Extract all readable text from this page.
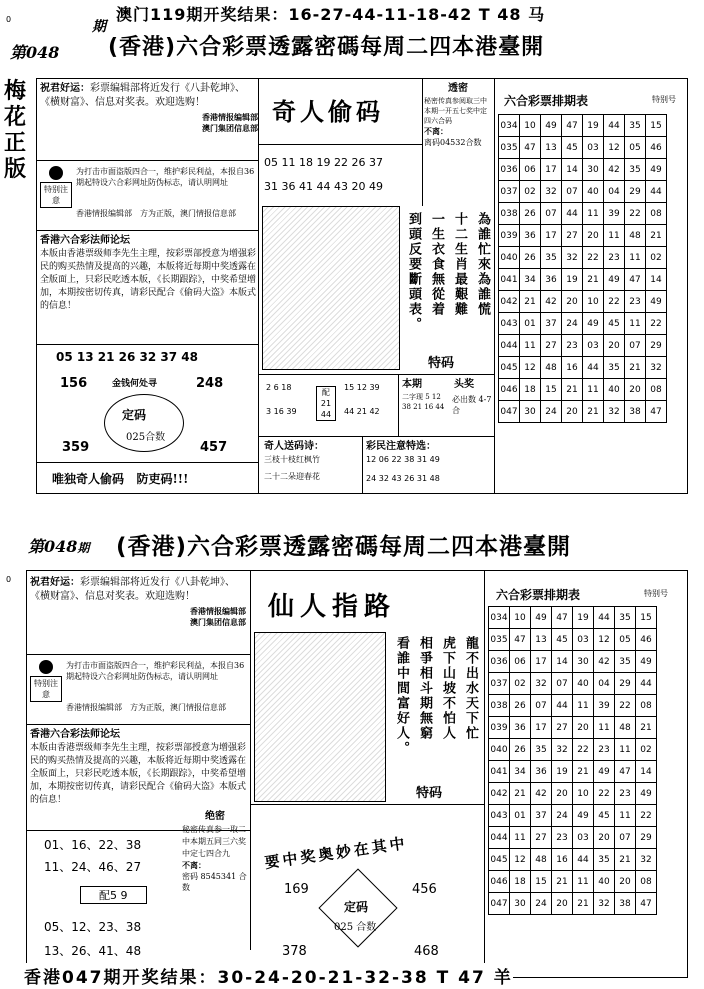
0	澳门119期开奖结果：16-27-44-11-18-42 T 48 马
第048
期
(香港)六合彩票透露密碼每周二四本港臺開
梅花正版
祝君好运：彩票编辑部将近发行《八卦乾坤》、《横财富》、信息对奖表。欢迎选购！
香港情报编辑部
澳门集团信息部
特别注意
为打击市面盗版四合一，维护彩民利益，本报自36期起特设六合彩网址防伪标志，请认明网址
香港情报编辑部　 方为正版，澳门情报信息部
香港六合彩法师论坛
本版由香港票级师李先生主理，按彩票部授意为增强彩民的购买热情及提高的兴趣，本版将近每期中奖透露在全版面上，只彩民吃透本版，《长期跟踪》，中奖希望增加，本期按密切传真，请彩民配合《偷码大盗》本版式的信息！
05 13 21 26 32 37 48
156	248
金钱何处寻
定码
025合数
359	457
唯独奇人偷码   防吏码!!!
奇人偷码
05 11 18 19 22 26 37
31 36 41 44 43 20 49
為誰忙來為誰慌
十二生肖最艱難
一生衣食無從着
到頭反要斷頭表。
特码
透密
秘密传真参阅取三中本期一开五七奖中定四六合码
不离：
离码04532合数
2 6 18
3 16 39
配 21 44
15 12 39
44 21 42
本期
二字现 5 12 38 21 16 44
头奖
必出数 4-7合
奇人送码诗：
三枝十枝红枫竹
二十二朵迎春花
彩民注意特选：
12 06 22 38 31 49
24 32 43 26 31 48
六合彩票排期表	特别号
034	10	49	47	19	44	35	15
035	47	13	45	03	12	05	46
036	06	17	14	30	42	35	49
037	02	32	07	40	04	29	44
038	26	07	44	11	39	22	08
039	36	17	27	20	11	48	21
040	26	35	32	22	23	11	02
041	34	36	19	21	49	47	14
042	21	42	20	10	22	23	49
043	01	37	24	49	45	11	22
044	11	27	23	03	20	07	29
045	12	48	16	44	35	21	32
046	18	15	21	11	40	20	08
047	30	24	20	21	32	38	47
0
第048期 (香港)六合彩票透露密碼每周二四本港臺開
祝君好运：彩票编辑部将近发行《八卦乾坤》、《横财富》、信息对奖表。欢迎选购！
香港情报编辑部
澳门集团信息部
特别注意
为打击市面盗版四合一，维护彩民利益，本报自36期起特设六合彩网址防伪标志，请认明网址
香港情报编辑部　 方为正版，澳门情报信息部
香港六合彩法师论坛
本版由香港票级师李先生主理，按彩票部授意为增强彩民的购买热情及提高的兴趣，本版将近每期中奖透露在全版面上，只彩民吃透本版，《长期跟踪》，中奖希望增加，本期按密切传真，请彩民配合《偷码大盗》本版式的信息！
01、16、22、38
11、24、46、27
配5 9
05、12、23、38
13、26、41、48
仙人指路
龍不出水天下忙
虎下山坡不怕人
相爭相斗期無窮
看誰中間富好人。
特码
要中奖奥妙在其中
169	456
定码
025 合数
378	468
绝密
秘密传真参一取二中本期五同三六奖中定七四合九
不离：
密码 8545341 合数
六合彩票排期表	特别号
034	10	49	47	19	44	35	15
035	47	13	45	03	12	05	46
036	06	17	14	30	42	35	49
037	02	32	07	40	04	29	44
038	26	07	44	11	39	22	08
039	36	17	27	20	11	48	21
040	26	35	32	22	23	11	02
041	34	36	19	21	49	47	14
042	21	42	20	10	22	23	49
043	01	37	24	49	45	11	22
044	11	27	23	03	20	07	29
045	12	48	16	44	35	21	32
046	18	15	21	11	40	20	08
047	30	24	20	21	32	38	47
香港047期开奖结果：30-24-20-21-32-38 T 47 羊
